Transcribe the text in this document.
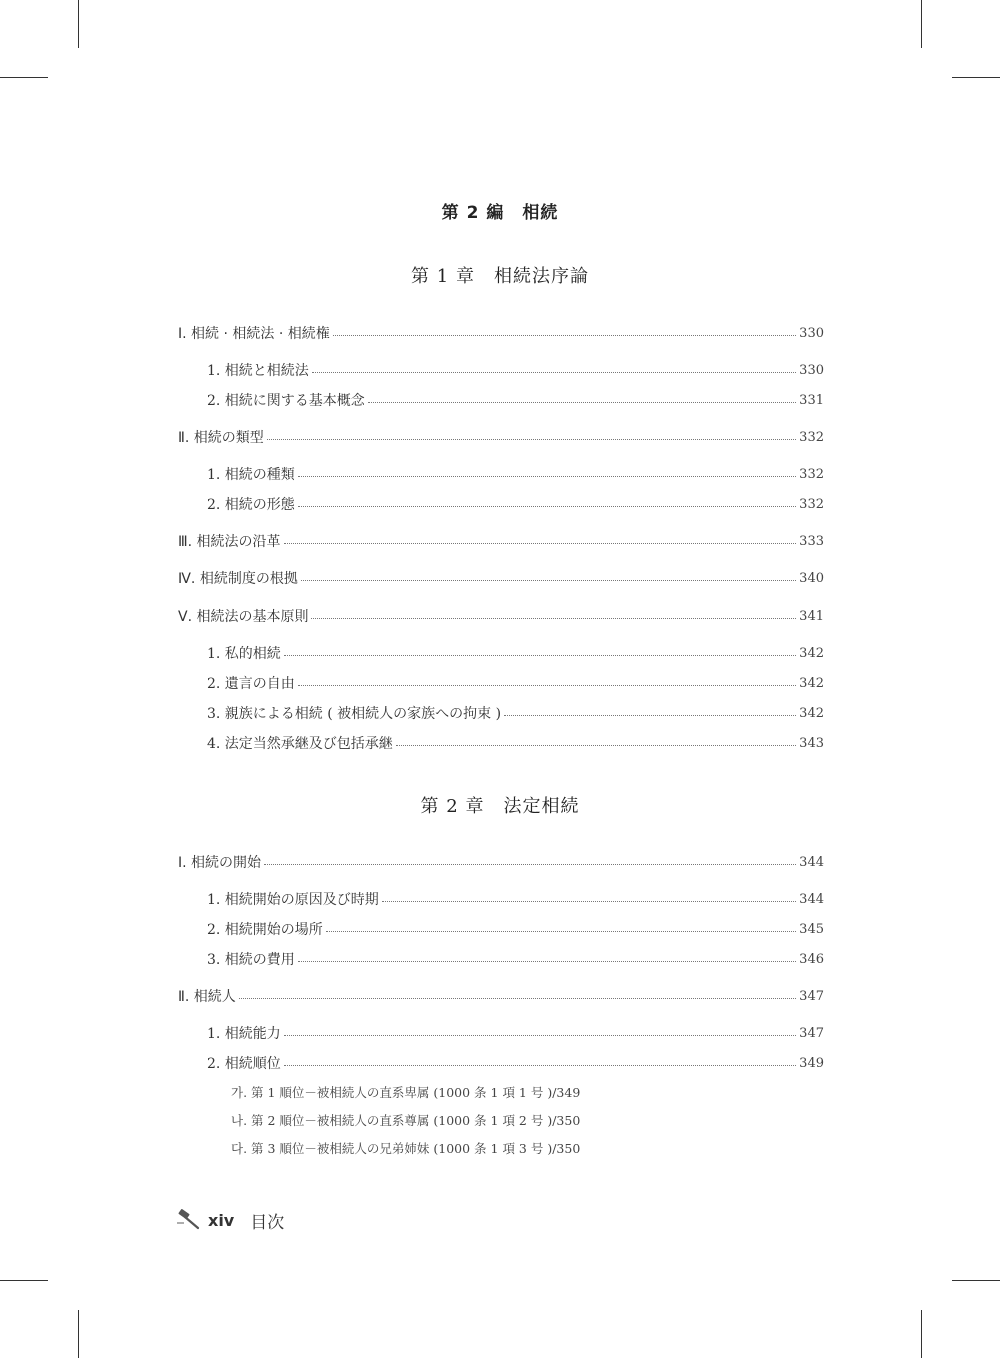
第 2 編　相続
第 1 章　相続法序論
Ⅰ. 相続 · 相続法 · 相続権	330
1. 相続と相続法	330
2. 相続に関する基本概念	331
Ⅱ. 相続の類型	332
1. 相続の種類	332
2. 相続の形態	332
Ⅲ. 相続法の沿革	333
Ⅳ. 相続制度の根拠	340
Ⅴ. 相続法の基本原則	341
1. 私的相続	342
2. 遺言の自由	342
3. 親族による相続 ( 被相続人の家族への拘束 )	342
4. 法定当然承継及び包括承継	343
第 2 章　法定相続
Ⅰ. 相続の開始	344
1. 相続開始の原因及び時期	344
2. 相続開始の場所	345
3. 相続の費用	346
Ⅱ. 相続人	347
1. 相続能力	347
2. 相続順位	349
가. 第 1 順位－被相続人の直系卑属 (1000 条 1 項 1 号 )/349
나. 第 2 順位－被相続人の直系尊属 (1000 条 1 項 2 号 )/350
다. 第 3 順位－被相続人の兄弟姉妹 (1000 条 1 項 3 号 )/350
xiv 目次
